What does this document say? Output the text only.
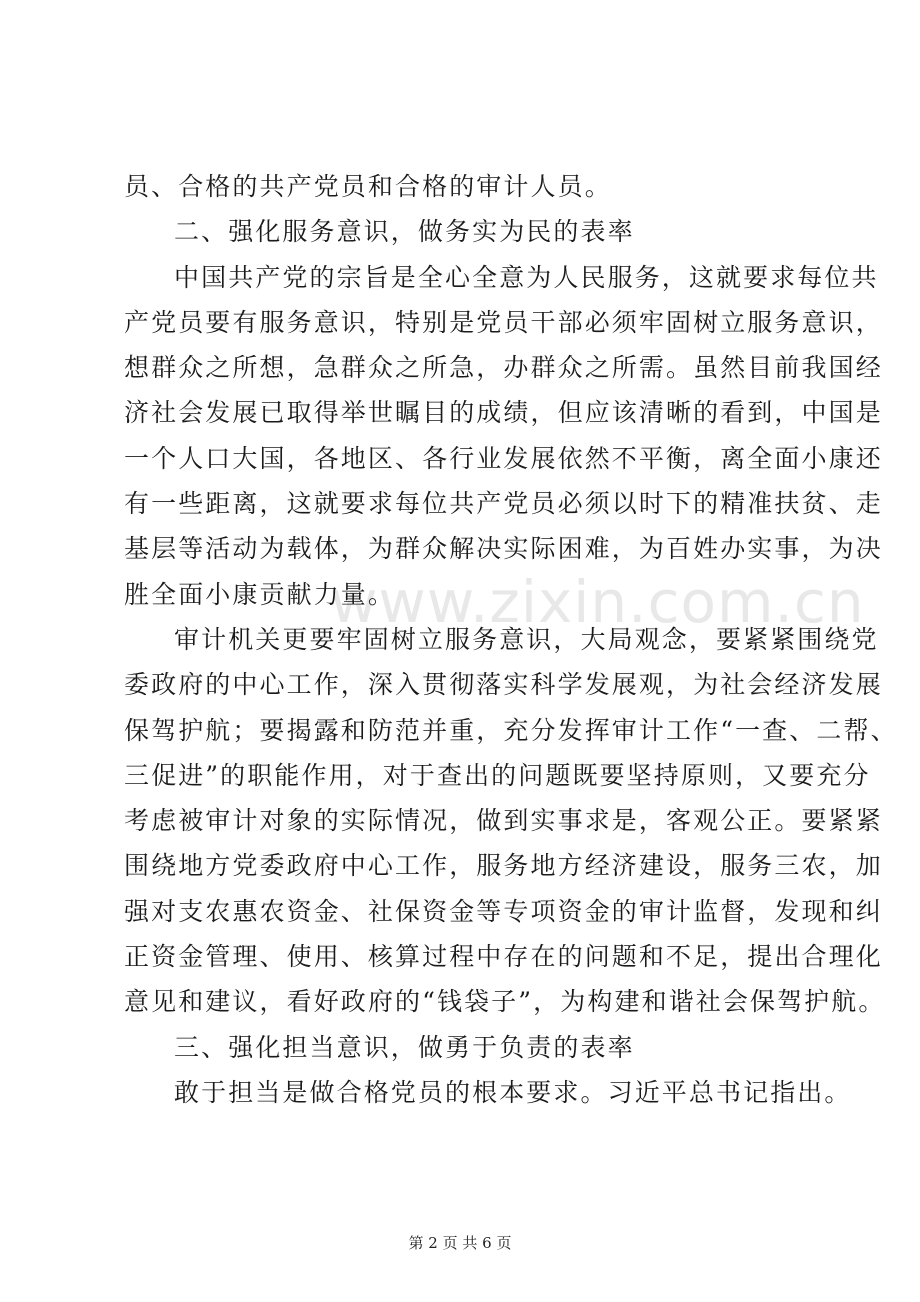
www.zixin.com.cn
员、合格的共产党员和合格的审计人员。
二、强化服务意识，做务实为民的表率
中国共产党的宗旨是全心全意为人民服务，这就要求每位共
产党员要有服务意识，特别是党员干部必须牢固树立服务意识，
想群众之所想，急群众之所急，办群众之所需。虽然目前我国经
济社会发展已取得举世瞩目的成绩，但应该清晰的看到，中国是
一个人口大国，各地区、各行业发展依然不平衡，离全面小康还
有一些距离，这就要求每位共产党员必须以时下的精准扶贫、走
基层等活动为载体，为群众解决实际困难，为百姓办实事，为决
胜全面小康贡献力量。
审计机关更要牢固树立服务意识，大局观念，要紧紧围绕党
委政府的中心工作，深入贯彻落实科学发展观，为社会经济发展
保驾护航；要揭露和防范并重，充分发挥审计工作“一查、二帮、
三促进”的职能作用，对于查出的问题既要坚持原则，又要充分
考虑被审计对象的实际情况，做到实事求是，客观公正。要紧紧
围绕地方党委政府中心工作，服务地方经济建设，服务三农，加
强对支农惠农资金、社保资金等专项资金的审计监督，发现和纠
正资金管理、使用、核算过程中存在的问题和不足，提出合理化
意见和建议，看好政府的“钱袋子”，为构建和谐社会保驾护航。
三、强化担当意识，做勇于负责的表率
敢于担当是做合格党员的根本要求。习近平总书记指出。
第 2 页 共 6 页
